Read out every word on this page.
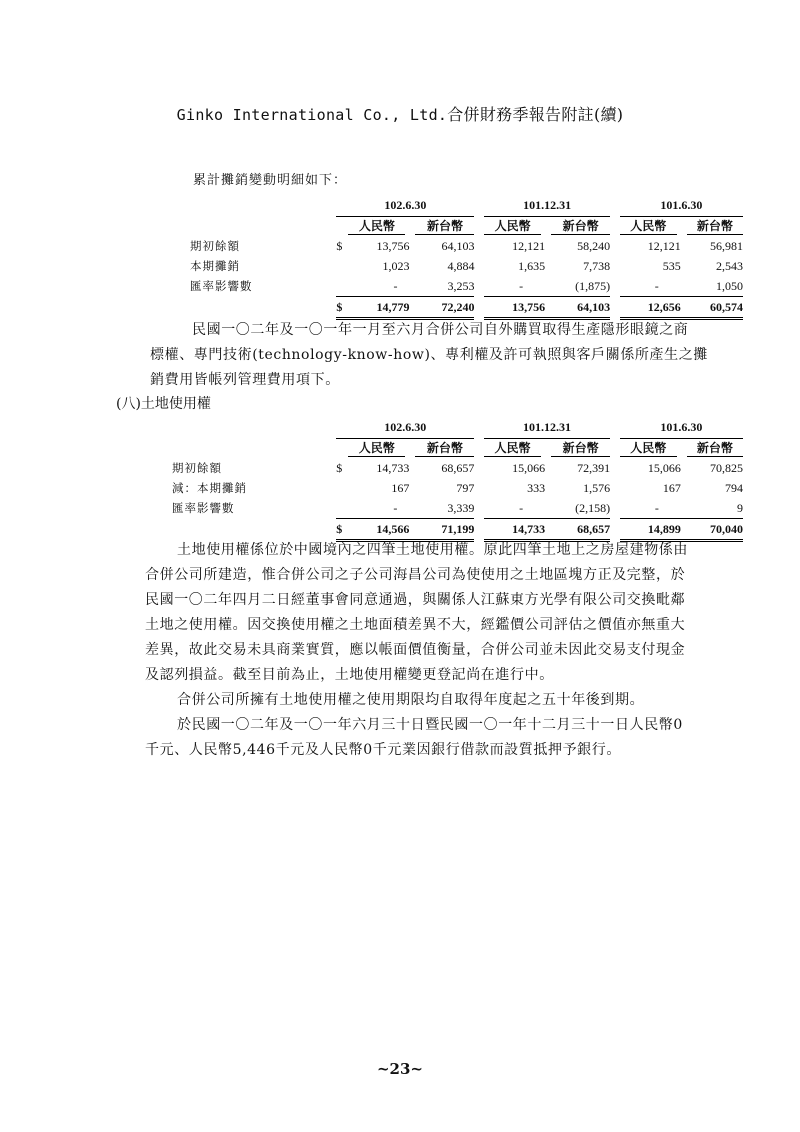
Ginko International Co., Ltd.合併財務季報告附註(續)
累計攤銷變動明細如下：
	102.6.30				101.12.31			101.6.30	

	人民幣		新台幣		人民幣	新台幣		人民幣	新台幣

期初餘額	$	13,756	64,103		12,121	58,240		12,121	56,981
本期攤銷		1,023	4,884		1,635	7,738		535	2,543
匯率影響數		-	3,253		-	(1,875)		-	1,050
	$	14,779	72,240		13,756	64,103		12,656	60,574
民國一〇二年及一〇一年一月至六月合併公司自外購買取得生產隱形眼鏡之商
標權、專門技術(technology-know-how)、專利權及許可執照與客戶關係所產生之攤
銷費用皆帳列管理費用項下。
(八)土地使用權
	102.6.30				101.12.31			101.6.30	

	人民幣		新台幣		人民幣	新台幣		人民幣	新台幣

期初餘額	$	14,733	68,657		15,066	72,391		15,066	70,825
減：本期攤銷		167	797		333	1,576		167	794
匯率影響數		-	3,339		-	(2,158)		-	9
	$	14,566	71,199		14,733	68,657		14,899	70,040
土地使用權係位於中國境內之四筆土地使用權。原此四筆土地上之房屋建物係由
合併公司所建造，惟合併公司之子公司海昌公司為使使用之土地區塊方正及完整，於
民國一〇二年四月二日經董事會同意通過，與關係人江蘇東方光學有限公司交換毗鄰
土地之使用權。因交換使用權之土地面積差異不大，經鑑價公司評估之價值亦無重大
差異，故此交易未具商業實質，應以帳面價值衡量，合併公司並未因此交易支付現金
及認列損益。截至目前為止，土地使用權變更登記尚在進行中。
合併公司所擁有土地使用權之使用期限均自取得年度起之五十年後到期。
於民國一〇二年及一〇一年六月三十日暨民國一〇一年十二月三十一日人民幣0
千元、人民幣5,446千元及人民幣0千元業因銀行借款而設質抵押予銀行。
~23~
